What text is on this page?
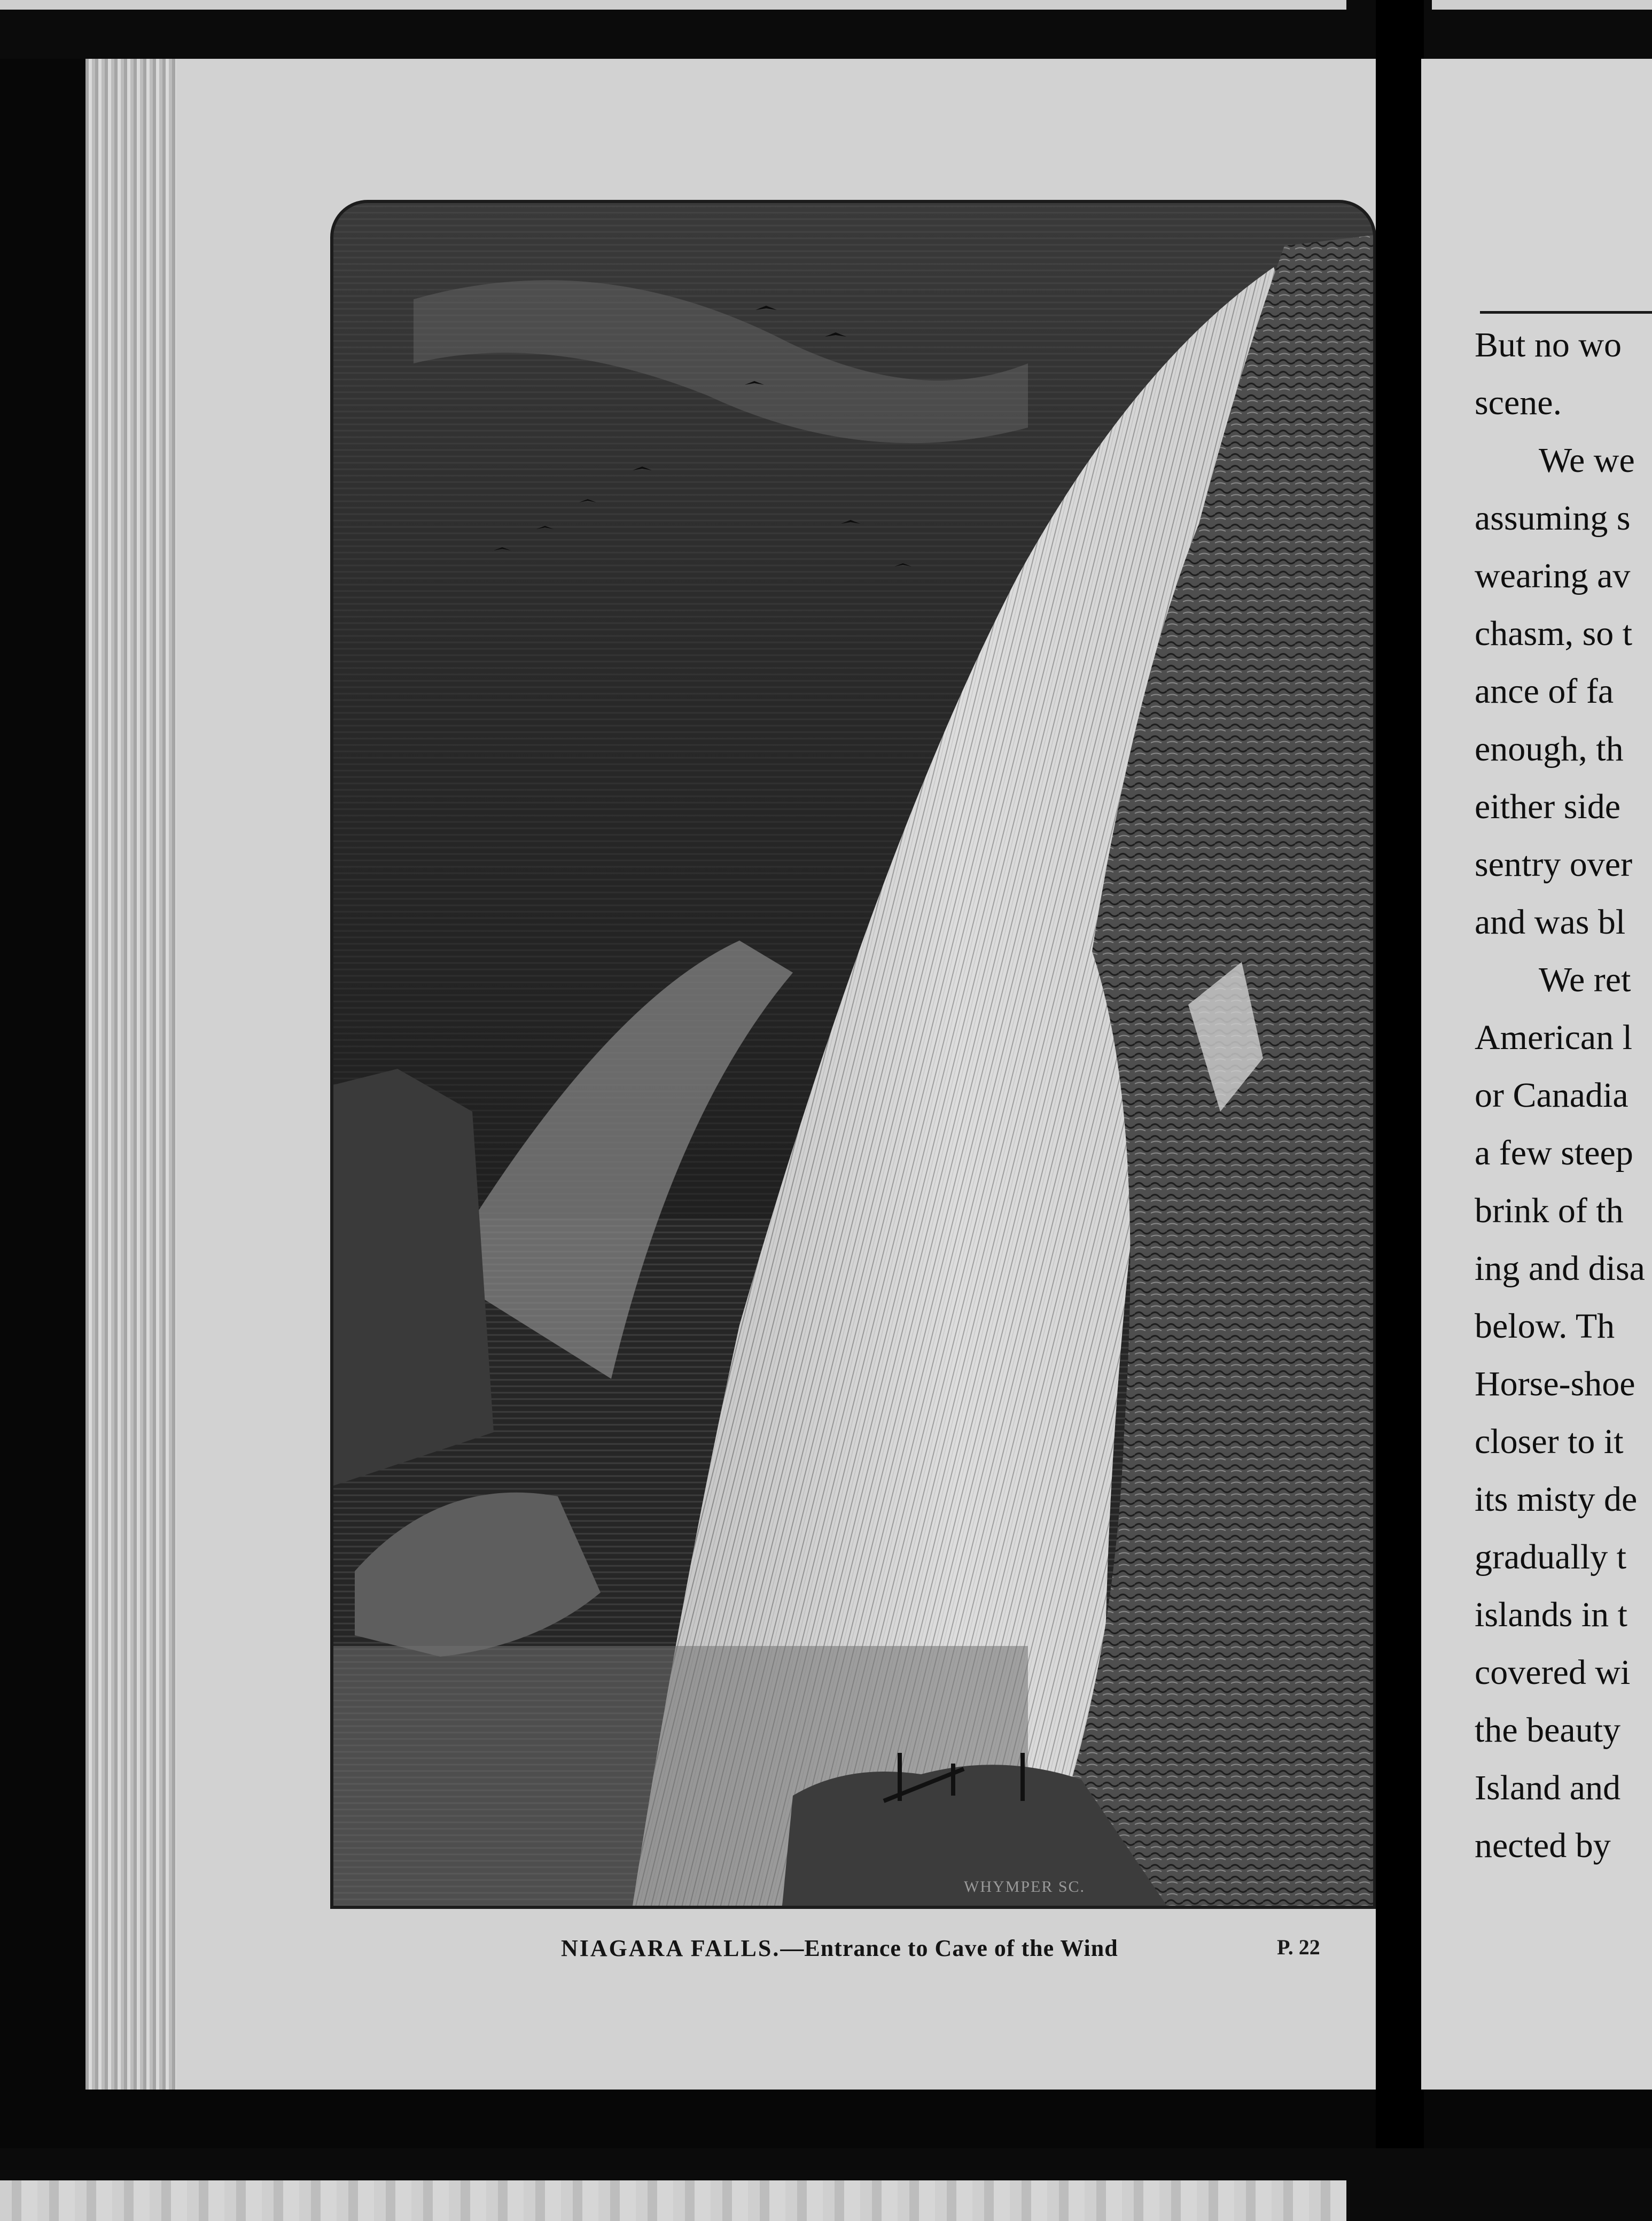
WHYMPER SC.
NIAGARA FALLS.—Entrance to Cave of the Wind	P. 22
But no wo
scene.
We we
assuming s
wearing av
chasm, so t
ance of fa
enough, th
either side
sentry over
and was bl
We ret
American l
or Canadia
a few steep
brink of th
ing and disa
below. Th
Horse-shoe
closer to it
its misty de
gradually t
islands in t
covered wi
the beauty
Island and
nected by
